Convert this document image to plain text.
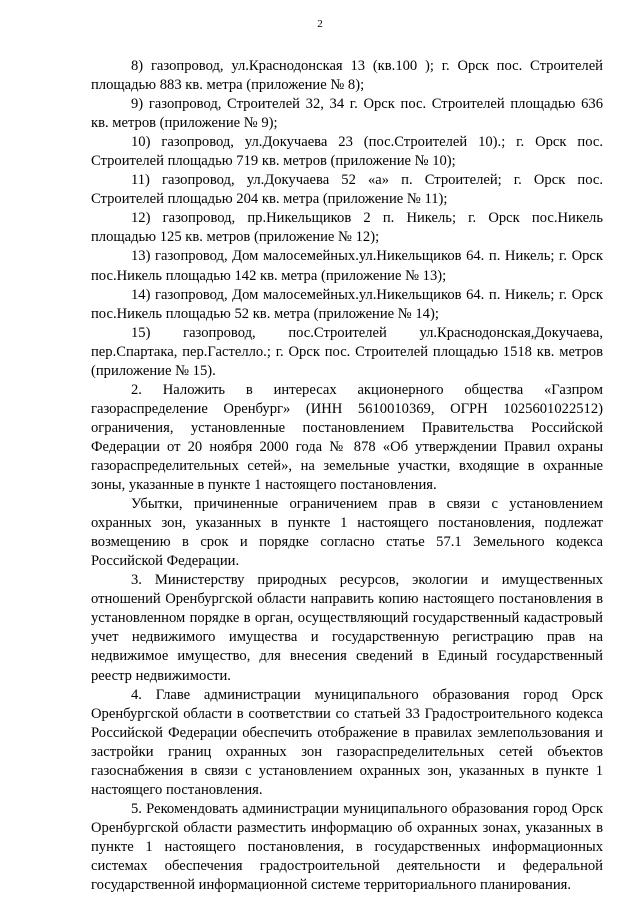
2

8) газопровод, ул.Краснодонская 13 (кв.100 ); г. Орск пос. Строителей площадью 883 кв. метра (приложение № 8);

9) газопровод, Строителей 32, 34 г. Орск пос. Строителей площадью 636 кв. метров (приложение № 9);

10) газопровод, ул.Докучаева 23 (пос.Строителей 10).; г. Орск пос. Строителей площадью 719 кв. метров (приложение № 10);

11) газопровод, ул.Докучаева 52 «а» п. Строителей; г. Орск пос. Строителей площадью 204 кв. метра (приложение № 11);

12) газопровод, пр.Никельщиков 2 п. Никель; г. Орск пос.Никель площадью 125 кв. метров (приложение № 12);

13) газопровод, Дом малосемейных.ул.Никельщиков 64. п. Никель; г. Орск пос.Никель площадью 142 кв. метра (приложение № 13);

14) газопровод, Дом малосемейных.ул.Никельщиков 64. п. Никель; г. Орск пос.Никель площадью 52 кв. метра (приложение № 14);

15) газопровод, пос.Строителей ул.Краснодонская,Докучаева, пер.Спартака, пер.Гастелло.; г. Орск пос. Строителей площадью 1518 кв. метров (приложение № 15).

2. Наложить в интересах акционерного общества «Газпром газораспределение Оренбург» (ИНН 5610010369, ОГРН 1025601022512) ограничения, установленные постановлением Правительства Российской Федерации от 20 ноября 2000 года № 878 «Об утверждении Правил охраны газораспределительных сетей», на земельные участки, входящие в охранные зоны, указанные в пункте 1 настоящего постановления.

Убытки, причиненные ограничением прав в связи с установлением охранных зон, указанных в пункте 1 настоящего постановления, подлежат возмещению в срок и порядке согласно статье 57.1 Земельного кодекса Российской Федерации.

3. Министерству природных ресурсов, экологии и имущественных отношений Оренбургской области направить копию настоящего постановления в установленном порядке в орган, осуществляющий государственный кадастровый учет недвижимого имущества и государственную регистрацию прав на недвижимое имущество, для внесения сведений в Единый государственный реестр недвижимости.

4. Главе администрации муниципального образования город Орск Оренбургской области в соответствии со статьей 33 Градостроительного кодекса Российской Федерации обеспечить отображение в правилах землепользования и застройки границ охранных зон газораспределительных сетей объектов газоснабжения в связи с установлением охранных зон, указанных в пункте 1 настоящего постановления.

5. Рекомендовать администрации муниципального образования город Орск Оренбургской области разместить информацию об охранных зонах, указанных в пункте 1 настоящего постановления, в государственных информационных системах обеспечения градостроительной деятельности и федеральной государственной информационной системе территориального планирования.
